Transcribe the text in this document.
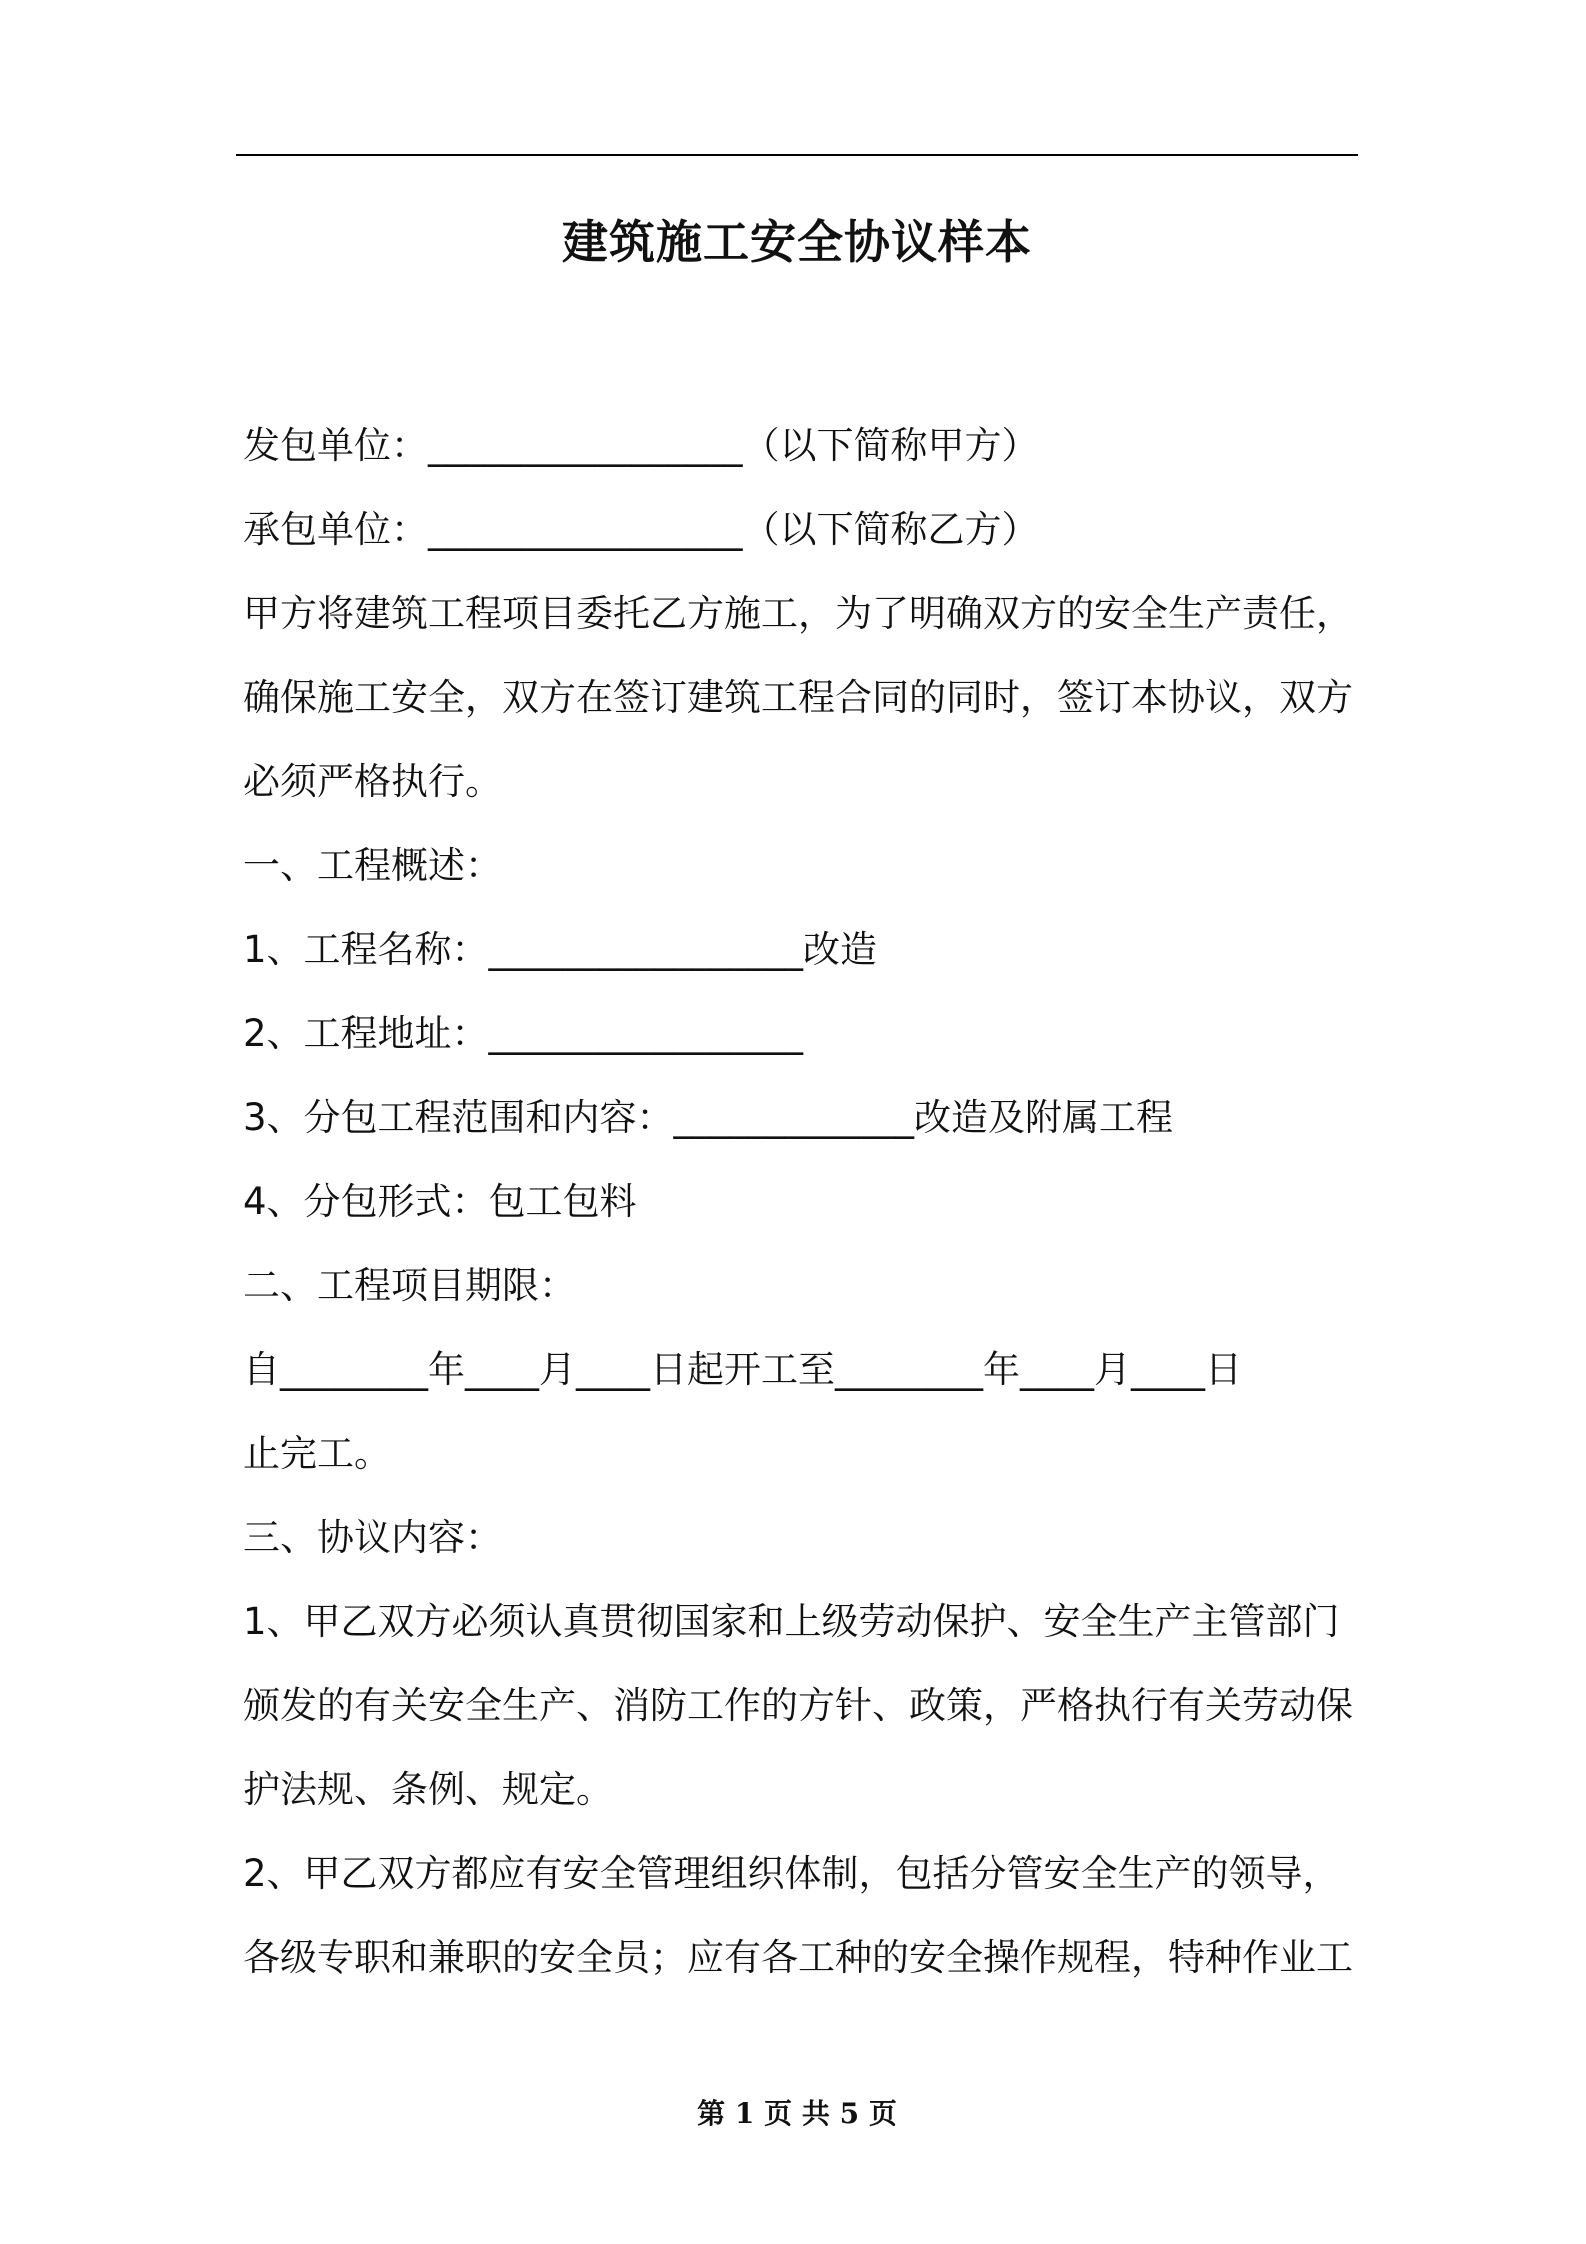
建筑施工安全协议样本

发包单位：_________________（以下简称甲方）

承包单位：_________________（以下简称乙方）

甲方将建筑工程项目委托乙方施工，为了明确双方的安全生产责任，

确保施工安全，双方在签订建筑工程合同的同时，签订本协议，双方

必须严格执行。

一、工程概述：

1、工程名称：_________________改造

2、工程地址：_________________

3、分包工程范围和内容：_____________改造及附属工程

4、分包形式：包工包料

二、工程项目期限：

自________年____月____日起开工至________年____月____日

止完工。

三、协议内容：

1、甲乙双方必须认真贯彻国家和上级劳动保护、安全生产主管部门

颁发的有关安全生产、消防工作的方针、政策，严格执行有关劳动保

护法规、条例、规定。

2、甲乙双方都应有安全管理组织体制，包括分管安全生产的领导，

各级专职和兼职的安全员；应有各工种的安全操作规程，特种作业工

第 1 页 共 5 页
